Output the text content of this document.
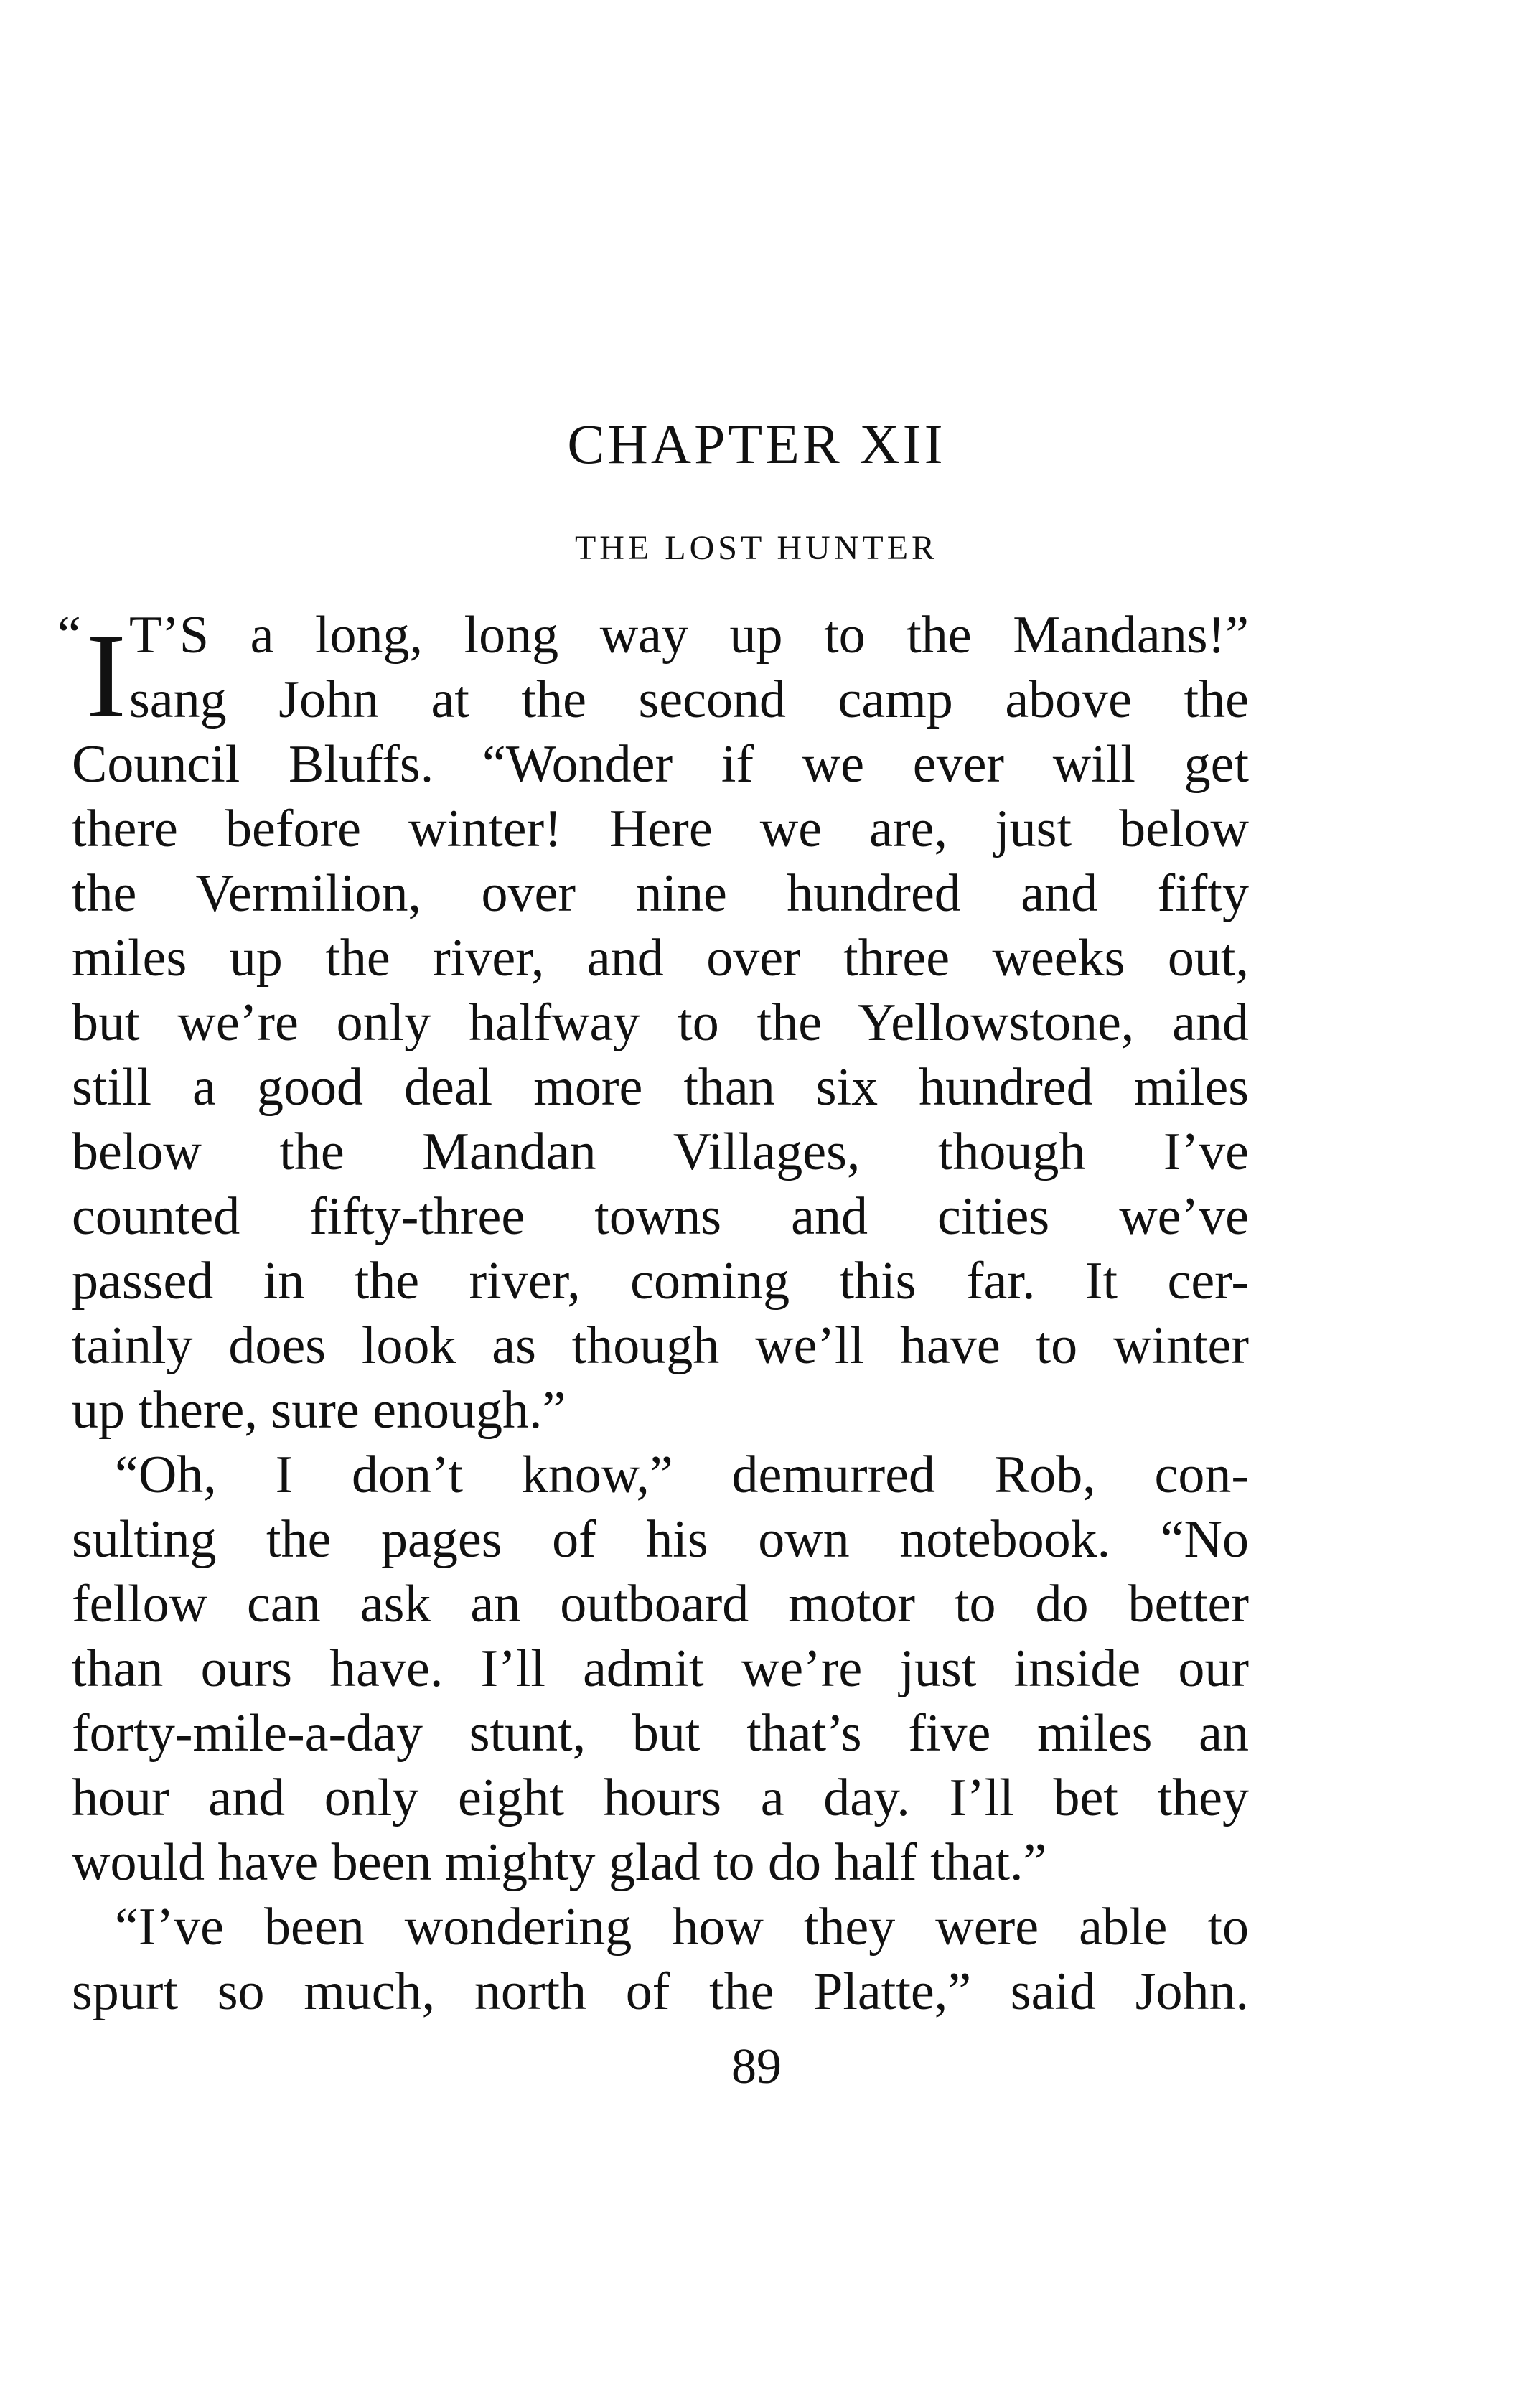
CHAPTER XII
THE LOST HUNTER
“ I T’S a long, long way up to the Mandans!”
sang John at the second camp above the
Council Bluffs. “Wonder if we ever will get
there before winter! Here we are, just below
the Vermilion, over nine hundred and fifty
miles up the river, and over three weeks out,
but we’re only halfway to the Yellowstone, and
still a good deal more than six hundred miles
below the Mandan Villages, though I’ve
counted fifty-three towns and cities we’ve
passed in the river, coming this far. It cer-
tainly does look as though we’ll have to winter
up there, sure enough.”
“Oh, I don’t know,” demurred Rob, con-
sulting the pages of his own notebook. “No
fellow can ask an outboard motor to do better
than ours have. I’ll admit we’re just inside our
forty-mile-a-day stunt, but that’s five miles an
hour and only eight hours a day. I’ll bet they
would have been mighty glad to do half that.”
“I’ve been wondering how they were able to
spurt so much, north of the Platte,” said John.
89
